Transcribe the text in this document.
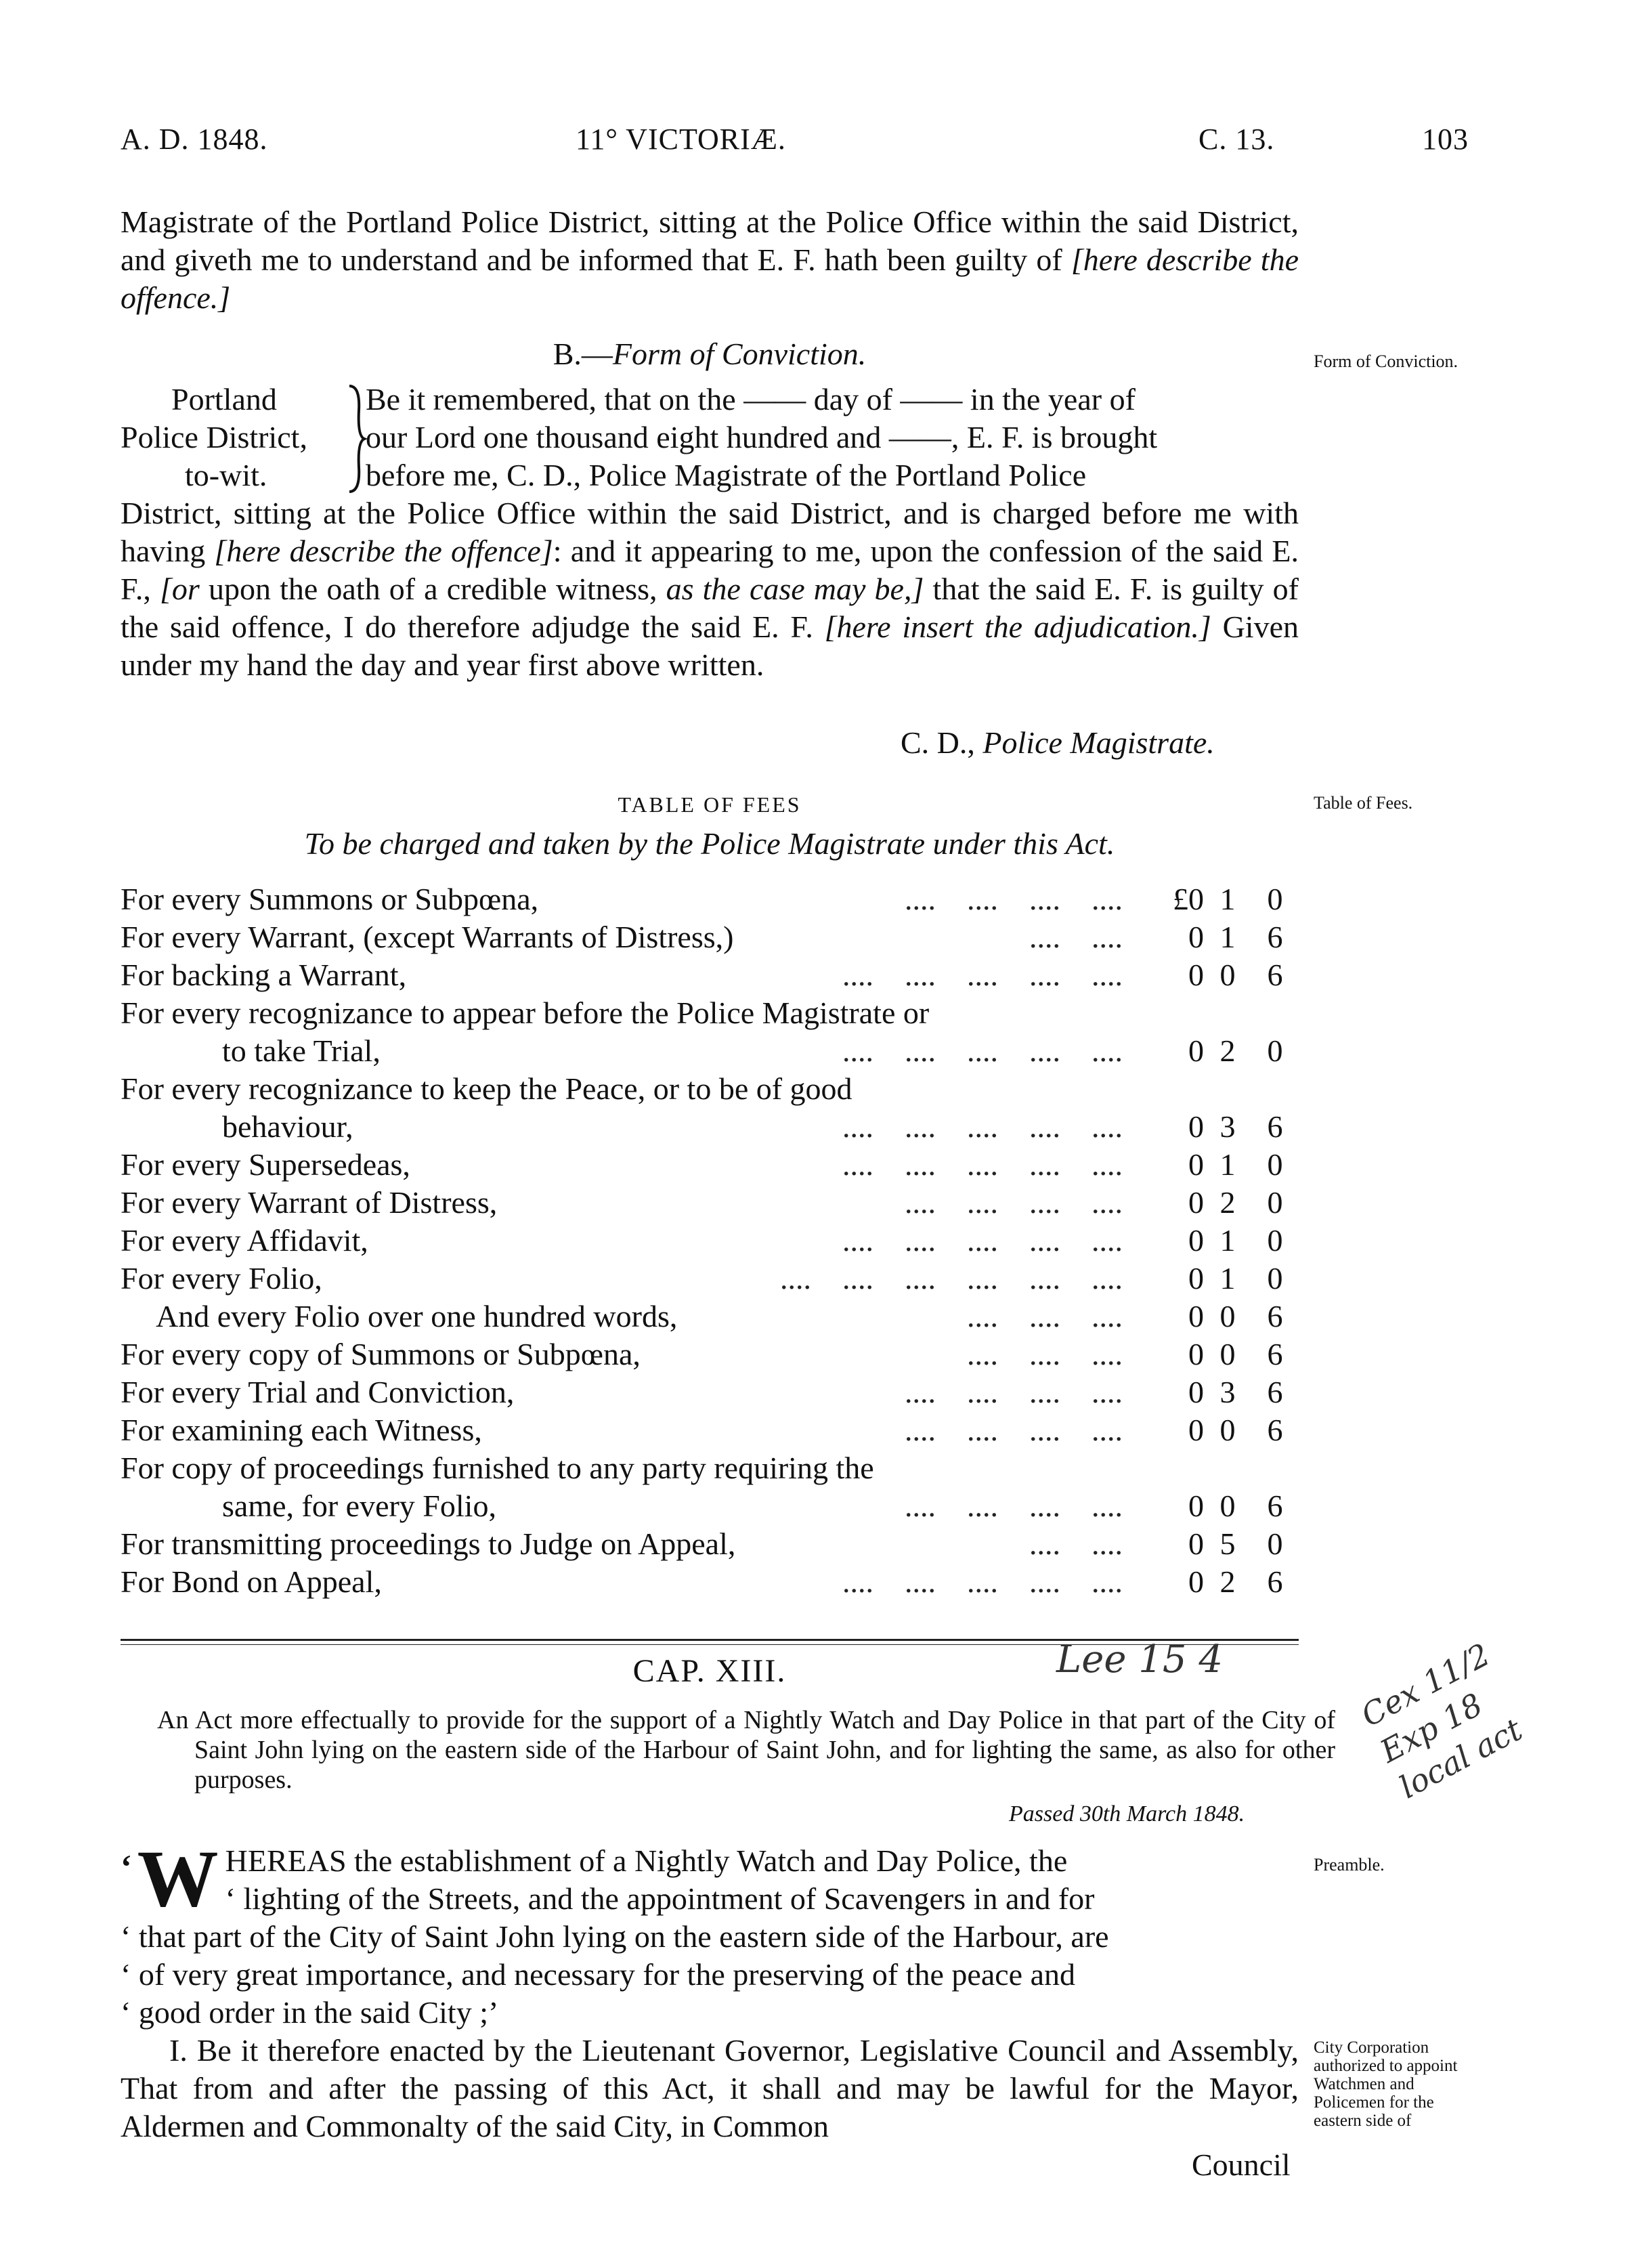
A. D. 1848.	11° VICTORIÆ.	C. 13.	103

Magistrate of the Portland Police District, sitting at the Police Office within the said District, and giveth me to understand and be informed that E. F. hath been guilty of [here describe the offence.]

B.—Form of Conviction.	Form of Conviction.
Portland
Police District,
to-wit.

Be it remembered, that on the —— day of —— in the year of

our Lord one thousand eight hundred and ——, E. F. is brought

before me, C. D., Police Magistrate of the Portland Police

District, sitting at the Police Office within the said District, and is charged before me with having [here describe the offence]: and it appearing to me, upon the confession of the said E. F., [or upon the oath of a credible witness, as the case may be,] that the said E. F. is guilty of the said offence, I do therefore adjudge the said E. F. [here insert the adjudication.] Given under my hand the day and year first above written.

C. D., Police Magistrate.
TABLE OF FEES	Table of Fees.
To be charged and taken by the Police Magistrate under this Act.
For every Summons or Subpœna,	....    ....    ....    ....	£0 1 0
For every Warrant, (except Warrants of Distress,)	....    ....	0 1 6
For backing a Warrant,	....    ....    ....    ....    ....	0 0 6
For every recognizance to appear before the Police Magistrate or
to take Trial,	....    ....    ....    ....    ....	0 2 0
For every recognizance to keep the Peace, or to be of good
behaviour,	....    ....    ....    ....    ....	0 3 6
For every Supersedeas,	....    ....    ....    ....    ....	0 1 0
For every Warrant of Distress,	....    ....    ....    ....	0 2 0
For every Affidavit,	....    ....    ....    ....    ....	0 1 0
For every Folio,	....    ....    ....    ....    ....    ....	0 1 0
And every Folio over one hundred words,	....    ....    ....	0 0 6
For every copy of Summons or Subpœna,	....    ....    ....	0 0 6
For every Trial and Conviction,	....    ....    ....    ....	0 3 6
For examining each Witness,	....    ....    ....    ....	0 0 6
For copy of proceedings furnished to any party requiring the
same, for every Folio,	....    ....    ....    ....	0 0 6
For transmitting proceedings to Judge on Appeal,	....    ....	0 5 0
For Bond on Appeal,	....    ....    ....    ....    ....	0 2 6
CAP. XIII.	Lee 15 4
An Act more effectually to provide for the support of a Nightly Watch and Day Police in that part of the City of Saint John lying on the eastern side of the Harbour of Saint John, and for lighting the same, as also for other purposes.
Passed 30th March 1848.
Cex 11/2 Exp 18 local act
Preamble.

‘ W HEREAS the establishment of a Nightly Watch and Day Police, the

‘ lighting of the Streets, and the appointment of Scavengers in and for

‘ that part of the City of Saint John lying on the eastern side of the Harbour, are

‘ of very great importance, and necessary for the preserving of the peace and

‘ good order in the said City ;’

I. Be it therefore enacted by the Lieutenant Governor, Legislative Council and Assembly, That from and after the passing of this Act, it shall and may be lawful for the Mayor, Aldermen and Commonalty of the said City, in Common

Council
City Corporation authorized to appoint Watchmen and Policemen for the eastern side of
